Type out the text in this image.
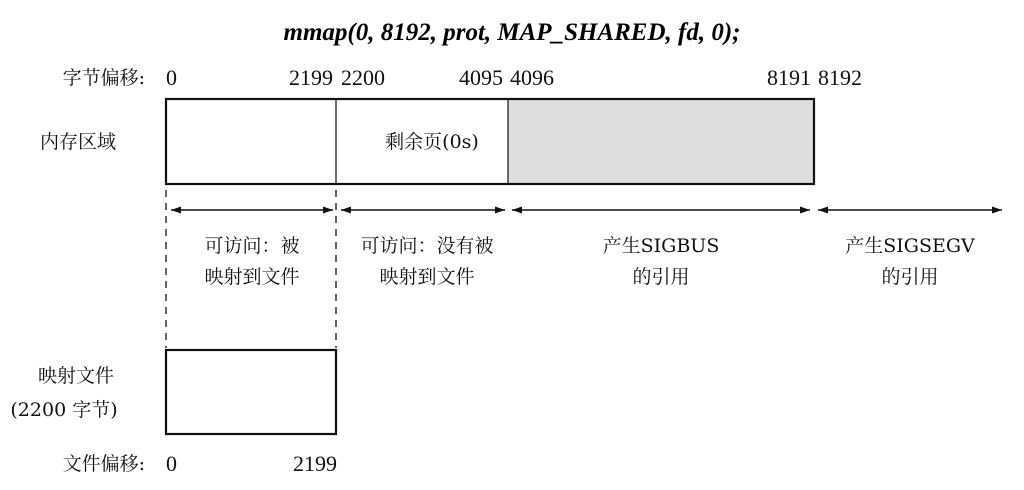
mmap(0, 8192, prot, MAP_SHARED, fd, 0);
字节偏移: 0	2199 2200	4095 4096	8191 8192
内存区域	剩余页(0s)
可访问：被
映射到文件
可访问：没有被
映射到文件
产生SIGBUS
的引用
产生SIGSEGV
的引用
映射文件
(2200 字节)
文件偏移: 0	2199
